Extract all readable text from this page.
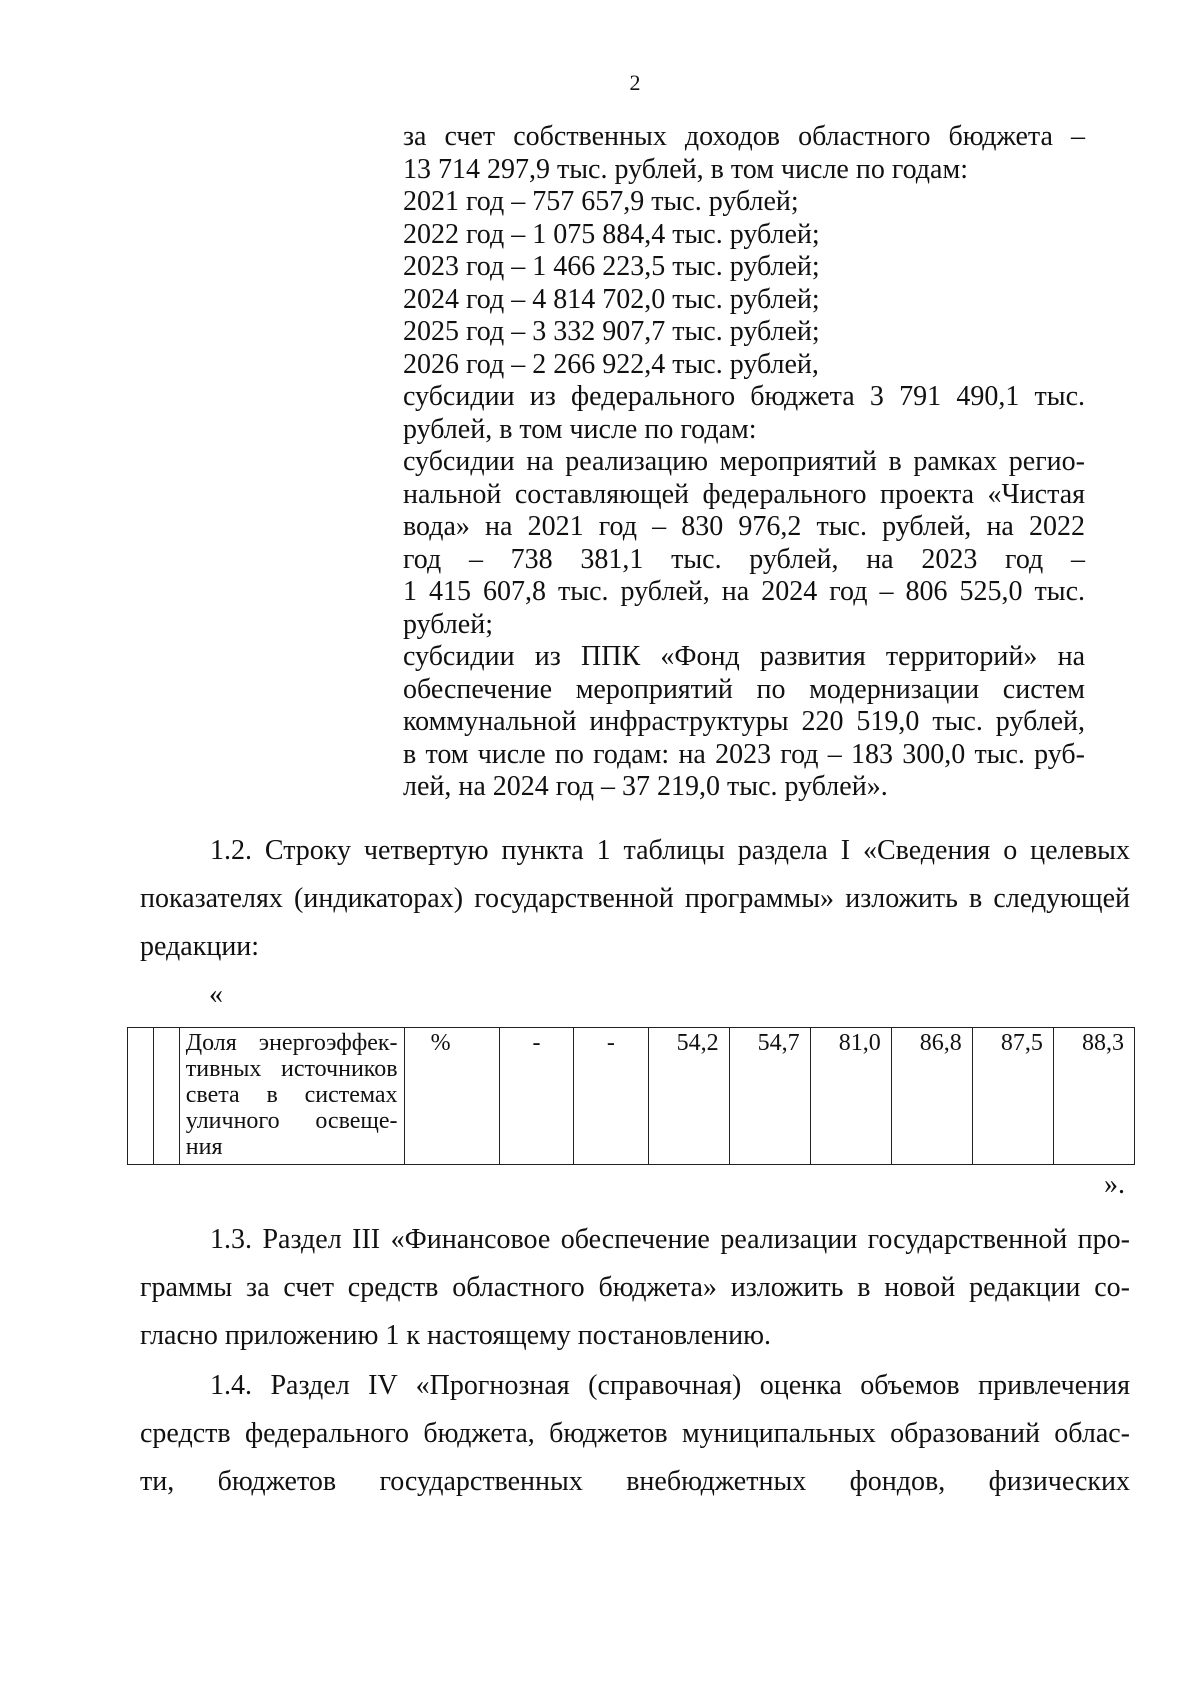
2
за счет собственных доходов областного бюджета –
13 714 297,9 тыс. рублей, в том числе по годам:
2021 год – 757 657,9 тыс. рублей;
2022 год – 1 075 884,4 тыс. рублей;
2023 год – 1 466 223,5 тыс. рублей;
2024 год – 4 814 702,0 тыс. рублей;
2025 год – 3 332 907,7 тыс. рублей;
2026 год – 2 266 922,4 тыс. рублей,
субсидии из федерального бюджета 3 791 490,1 тыс.
рублей, в том числе по годам:
субсидии на реализацию мероприятий в рамках регио-
нальной составляющей федерального проекта «Чистая
вода» на 2021 год – 830 976,2 тыс. рублей, на 2022
год – 738 381,1 тыс. рублей, на 2023 год –
1 415 607,8 тыс. рублей, на 2024 год – 806 525,0 тыс.
рублей;
субсидии из ППК «Фонд развития территорий» на
обеспечение мероприятий по модернизации систем
коммунальной инфраструктуры 220 519,0 тыс. рублей,
в том числе по годам: на 2023 год – 183 300,0 тыс. руб-
лей, на 2024 год – 37 219,0 тыс. рублей».
1.2. Строку четвертую пункта 1 таблицы раздела I «Сведения о целевых
показателях (индикаторах) государственной программы» изложить в следующей
редакции:
«

Доля энергоэффек-
тивных источников
света в системах
уличного освеще-
ния
	%	-	-	54,2	54,7	81,0	86,8	87,5	88,3
».
1.3. Раздел III «Финансовое обеспечение реализации государственной про-
граммы за счет средств областного бюджета» изложить в новой редакции со-
гласно приложению 1 к настоящему постановлению.
1.4. Раздел IV «Прогнозная (справочная) оценка объемов привлечения
средств федерального бюджета, бюджетов муниципальных образований облас-
ти, бюджетов государственных внебюджетных фондов, физических
